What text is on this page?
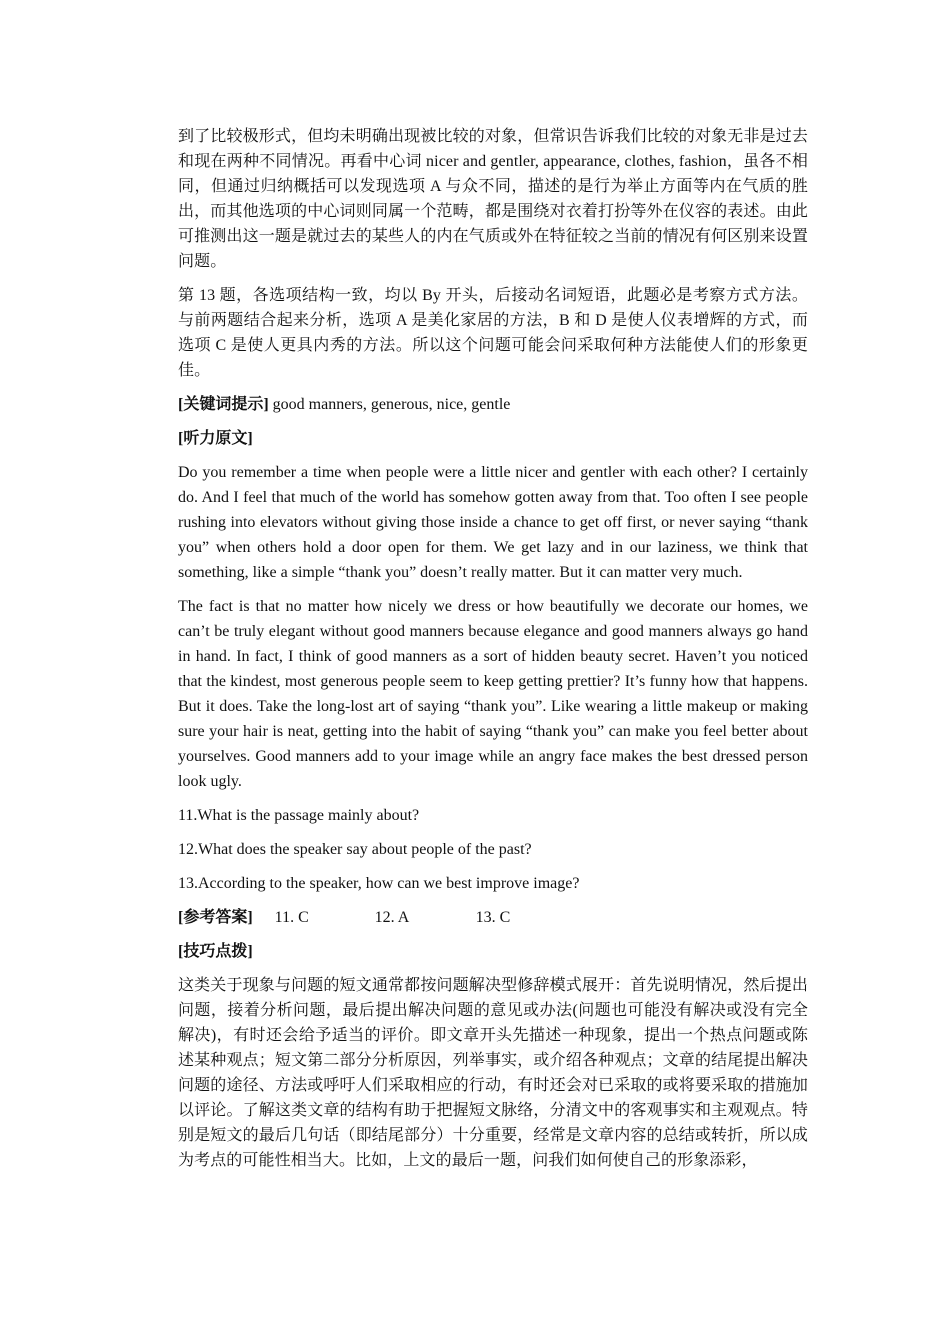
到了比较极形式，但均未明确出现被比较的对象，但常识告诉我们比较的对象无非是过去和现在两种不同情况。再看中心词 nicer and gentler, appearance, clothes, fashion，虽各不相同，但通过归纳概括可以发现选项 A 与众不同，描述的是行为举止方面等内在气质的胜出，而其他选项的中心词则同属一个范畴，都是围绕对衣着打扮等外在仪容的表述。由此可推测出这一题是就过去的某些人的内在气质或外在特征较之当前的情况有何区别来设置问题。

第 13 题，各选项结构一致，均以 By 开头，后接动名词短语，此题必是考察方式方法。与前两题结合起来分析，选项 A 是美化家居的方法，B 和 D 是使人仪表增辉的方式，而选项 C 是使人更具内秀的方法。所以这个问题可能会问采取何种方法能使人们的形象更佳。

[关键词提示] good manners, generous, nice, gentle

[听力原文]

Do you remember a time when people were a little nicer and gentler with each other? I certainly do. And I feel that much of the world has somehow gotten away from that. Too often I see people rushing into elevators without giving those inside a chance to get off first, or never saying “thank you” when others hold a door open for them. We get lazy and in our laziness, we think that something, like a simple “thank you” doesn’t really matter. But it can matter very much.

The fact is that no matter how nicely we dress or how beautifully we decorate our homes, we can’t be truly elegant without good manners because elegance and good manners always go hand in hand. In fact, I think of good manners as a sort of hidden beauty secret. Haven’t you noticed that the kindest, most generous people seem to keep getting prettier? It’s funny how that happens. But it does. Take the long-lost art of saying “thank you”. Like wearing a little makeup or making sure your hair is neat, getting into the habit of saying “thank you” can make you feel better about yourselves. Good manners add to your image while an angry face makes the best dressed person look ugly.

11.What is the passage mainly about?

12.What does the speaker say about people of the past?

13.According to the speaker, how can we best improve image?

[参考答案] 11. C	12. A	13. C

[技巧点拨]

这类关于现象与问题的短文通常都按问题解决型修辞模式展开：首先说明情况，然后提出问题，接着分析问题，最后提出解决问题的意见或办法(问题也可能没有解决或没有完全解决)，有时还会给予适当的评价。即文章开头先描述一种现象，提出一个热点问题或陈述某种观点；短文第二部分分析原因，列举事实，或介绍各种观点；文章的结尾提出解决问题的途径、方法或呼吁人们采取相应的行动，有时还会对已采取的或将要采取的措施加以评论。了解这类文章的结构有助于把握短文脉络，分清文中的客观事实和主观观点。特别是短文的最后几句话（即结尾部分）十分重要，经常是文章内容的总结或转折，所以成为考点的可能性相当大。比如，上文的最后一题，问我们如何使自己的形象添彩，
